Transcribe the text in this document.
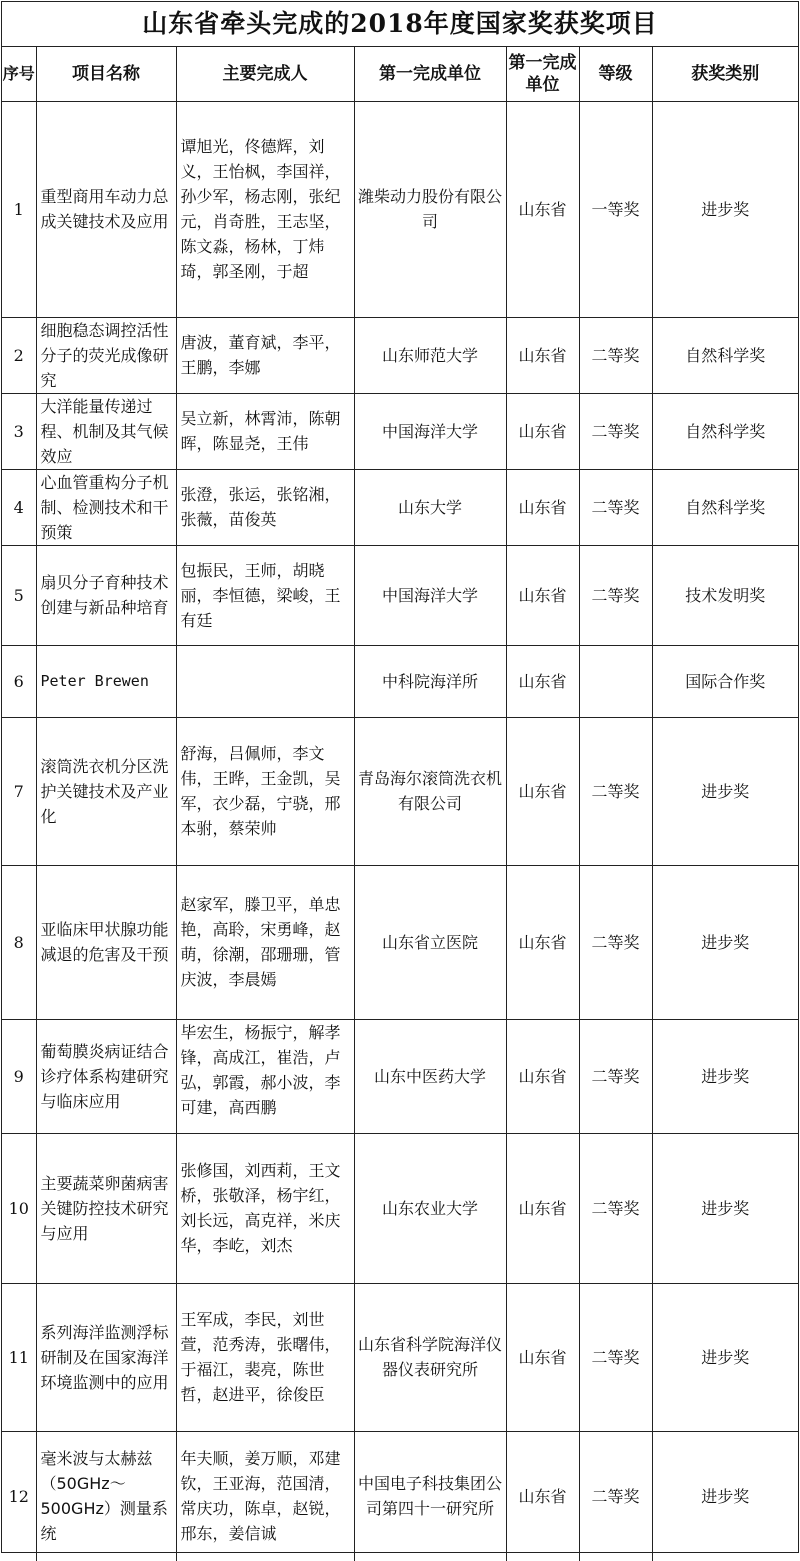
山东省牵头完成的2018年度国家奖获奖项目
序号	项目名称	主要完成人	第一完成单位	第一完成单位	等级	获奖类别
1	重型商用车动力总成关键技术及应用	谭旭光，佟德辉，刘义，王怡枫，李国祥，孙少军，杨志刚，张纪元，肖奇胜，王志坚，陈文淼，杨林，丁炜琦，郭圣刚，于超	潍柴动力股份有限公司	山东省	一等奖	进步奖
2	细胞稳态调控活性分子的荧光成像研究	唐波，董育斌，李平，王鹏，李娜	山东师范大学	山东省	二等奖	自然科学奖
3	大洋能量传递过程、机制及其气候效应	吴立新，林霄沛，陈朝晖，陈显尧，王伟	中国海洋大学	山东省	二等奖	自然科学奖
4	心血管重构分子机制、检测技术和干预策	张澄，张运，张铭湘，张薇，苗俊英	山东大学	山东省	二等奖	自然科学奖
5	扇贝分子育种技术创建与新品种培育	包振民，王师，胡晓丽，李恒德，梁峻，王有廷	中国海洋大学	山东省	二等奖	技术发明奖
6	Peter Brewen		中科院海洋所	山东省		国际合作奖
7	滚筒洗衣机分区洗护关键技术及产业化	舒海，吕佩师，李文伟，王晔，王金凯，吴军，衣少磊，宁骁，邢本驸，蔡荣帅	青岛海尔滚筒洗衣机有限公司	山东省	二等奖	进步奖
8	亚临床甲状腺功能减退的危害及干预	赵家军，滕卫平，单忠艳，高聆，宋勇峰，赵萌，徐潮，邵珊珊，管庆波，李晨嫣	山东省立医院	山东省	二等奖	进步奖
9	葡萄膜炎病证结合诊疗体系构建研究与临床应用	毕宏生，杨振宁，解孝锋，高成江，崔浩，卢弘，郭霞，郝小波，李可建，高西鹏	山东中医药大学	山东省	二等奖	进步奖
10	主要蔬菜卵菌病害关键防控技术研究与应用	张修国，刘西莉，王文桥，张敬泽，杨宇红，刘长远，高克祥，米庆华，李屹，刘杰	山东农业大学	山东省	二等奖	进步奖
11	系列海洋监测浮标研制及在国家海洋环境监测中的应用	王军成，李民，刘世萱，范秀涛，张曙伟，于福江，裴亮，陈世哲，赵进平，徐俊臣	山东省科学院海洋仪器仪表研究所	山东省	二等奖	进步奖
12	毫米波与太赫兹（50GHz～500GHz）测量系统	年夫顺，姜万顺，邓建钦，王亚海，范国清，常庆功，陈卓，赵锐，邢东，姜信诚	中国电子科技集团公司第四十一研究所	山东省	二等奖	进步奖
